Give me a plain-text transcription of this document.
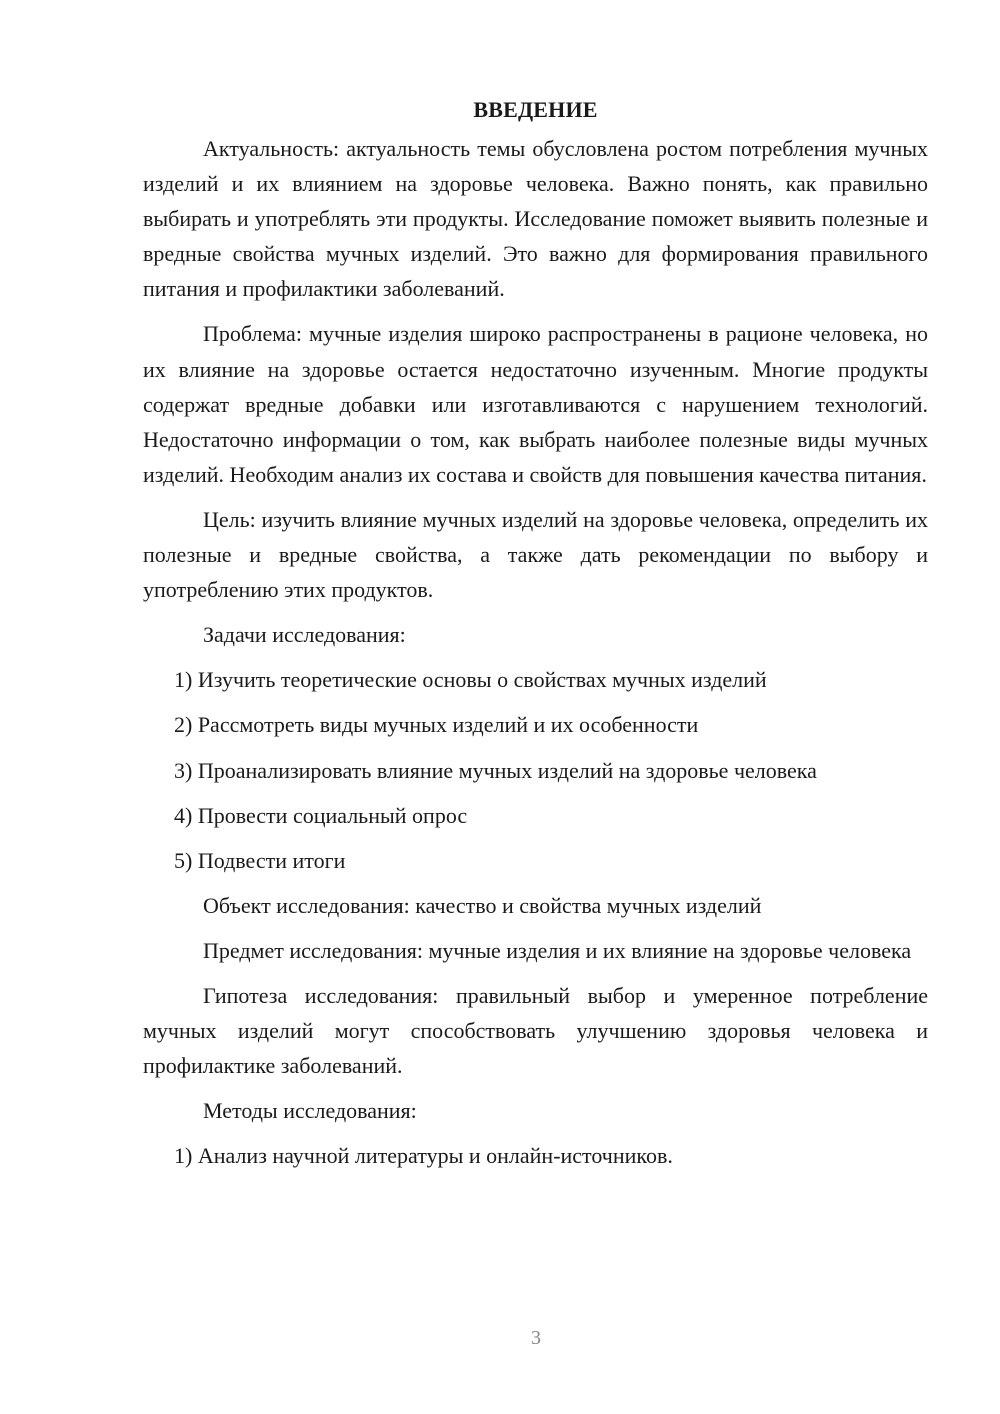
ВВЕДЕНИЕ

Актуальность: актуальность темы обусловлена ростом потребления мучных изделий и их влиянием на здоровье человека. Важно понять, как правильно выбирать и употреблять эти продукты. Исследование поможет выявить полезные и вредные свойства мучных изделий. Это важно для формирования правильного питания и профилактики заболеваний.

Проблема: мучные изделия широко распространены в рационе человека, но их влияние на здоровье остается недостаточно изученным. Многие продукты содержат вредные добавки или изготавливаются с нарушением технологий. Недостаточно информации о том, как выбрать наиболее полезные виды мучных изделий. Необходим анализ их состава и свойств для повышения качества питания.

Цель: изучить влияние мучных изделий на здоровье человека, определить их полезные и вредные свойства, а также дать рекомендации по выбору и употреблению этих продуктов.

Задачи исследования:

1) Изучить теоретические основы о свойствах мучных изделий
2) Рассмотреть виды мучных изделий и их особенности
3) Проанализировать влияние мучных изделий на здоровье человека
4) Провести социальный опрос
5) Подвести итоги

Объект исследования: качество и свойства мучных изделий

Предмет исследования: мучные изделия и их влияние на здоровье человека

Гипотеза исследования: правильный выбор и умеренное потребление мучных изделий могут способствовать улучшению здоровья человека и профилактике заболеваний.

Методы исследования:

1) Анализ научной литературы и онлайн-источников.
3
